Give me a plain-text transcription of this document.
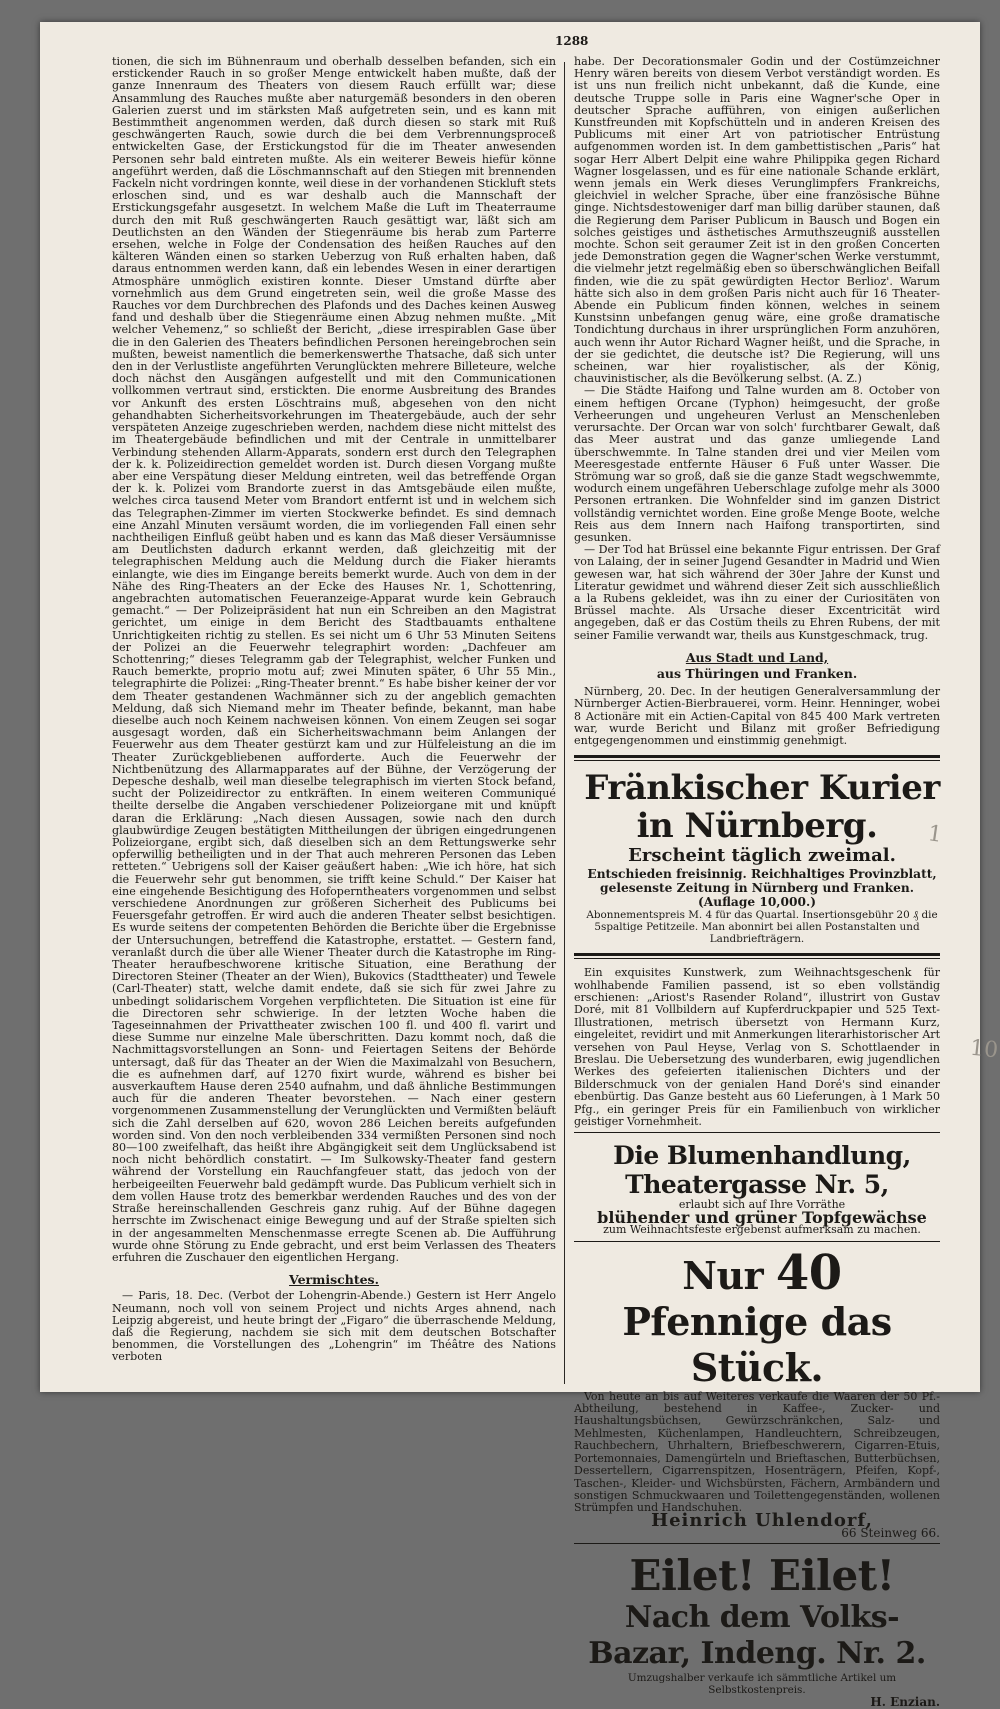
1288

tionen, die sich im Bühnenraum und oberhalb desselben befanden, sich ein erstickender Rauch in so großer Menge entwickelt haben mußte, daß der ganze Innenraum des Theaters von diesem Rauch erfüllt war; diese Ansammlung des Rauches mußte aber naturgemäß besonders in den oberen Galerien zuerst und im stärksten Maß aufgetreten sein, und es kann mit Bestimmtheit angenommen werden, daß durch diesen so stark mit Ruß geschwängerten Rauch, sowie durch die bei dem Verbrennungsproceß entwickelten Gase, der Erstickungstod für die im Theater anwesenden Personen sehr bald eintreten mußte. Als ein weiterer Beweis hiefür könne angeführt werden, daß die Löschmannschaft auf den Stiegen mit brennenden Fackeln nicht vordringen konnte, weil diese in der vorhandenen Stickluft stets erloschen sind, und es war deshalb auch die Mannschaft der Erstickungsgefahr ausgesetzt. In welchem Maße die Luft im Theaterraume durch den mit Ruß geschwängerten Rauch gesättigt war, läßt sich am Deutlichsten an den Wänden der Stiegenräume bis herab zum Parterre ersehen, welche in Folge der Condensation des heißen Rauches auf den kälteren Wänden einen so starken Ueberzug von Ruß erhalten haben, daß daraus entnommen werden kann, daß ein lebendes Wesen in einer derartigen Atmosphäre unmöglich existiren konnte. Dieser Umstand dürfte aber vornehmlich aus dem Grund eingetreten sein, weil die große Masse des Rauches vor dem Durchbrechen des Plafonds und des Daches keinen Ausweg fand und deshalb über die Stiegenräume einen Abzug nehmen mußte. „Mit welcher Vehemenz,“ so schließt der Bericht, „diese irrespirablen Gase über die in den Galerien des Theaters befindlichen Personen hereingebrochen sein mußten, beweist namentlich die bemerkenswerthe Thatsache, daß sich unter den in der Verlustliste angeführten Verunglückten mehrere Billeteure, welche doch nächst den Ausgängen aufgestellt und mit den Communicationen vollkommen vertraut sind, erstickten. Die enorme Ausbreitung des Brandes vor Ankunft des ersten Löschtrains muß, abgesehen von den nicht gehandhabten Sicherheitsvorkehrungen im Theatergebäude, auch der sehr verspäteten Anzeige zugeschrieben werden, nachdem diese nicht mittelst des im Theatergebäude befindlichen und mit der Centrale in unmittelbarer Verbindung stehenden Allarm-Apparats, sondern erst durch den Telegraphen der k. k. Polizeidirection gemeldet worden ist. Durch diesen Vorgang mußte aber eine Verspätung dieser Meldung eintreten, weil das betreffende Organ der k. k. Polizei vom Brandorte zuerst in das Amtsgebäude eilen mußte, welches circa tausend Meter vom Brandort entfernt ist und in welchem sich das Telegraphen-Zimmer im vierten Stockwerke befindet. Es sind demnach eine Anzahl Minuten versäumt worden, die im vorliegenden Fall einen sehr nachtheiligen Einfluß geübt haben und es kann das Maß dieser Versäumnisse am Deutlichsten dadurch erkannt werden, daß gleichzeitig mit der telegraphischen Meldung auch die Meldung durch die Fiaker hieramts einlangte, wie dies im Eingange bereits bemerkt wurde. Auch von dem in der Nähe des Ring-Theaters an der Ecke des Hauses Nr. 1, Schottenring, angebrachten automatischen Feueranzeige-Apparat wurde kein Gebrauch gemacht.“ — Der Polizeipräsident hat nun ein Schreiben an den Magistrat gerichtet, um einige in dem Bericht des Stadtbauamts enthaltene Unrichtigkeiten richtig zu stellen. Es sei nicht um 6 Uhr 53 Minuten Seitens der Polizei an die Feuerwehr telegraphirt worden: „Dachfeuer am Schottenring;“ dieses Telegramm gab der Telegraphist, welcher Funken und Rauch bemerkte, proprio motu auf; zwei Minuten später, 6 Uhr 55 Min., telegraphirte die Polizei: „Ring-Theater brennt.“ Es habe bisher keiner der vor dem Theater gestandenen Wachmänner sich zu der angeblich gemachten Meldung, daß sich Niemand mehr im Theater befinde, bekannt, man habe dieselbe auch noch Keinem nachweisen können. Von einem Zeugen sei sogar ausgesagt worden, daß ein Sicherheitswachmann beim Anlangen der Feuerwehr aus dem Theater gestürzt kam und zur Hülfeleistung an die im Theater Zurückgebliebenen aufforderte. Auch die Feuerwehr der Nichtbenützung des Allarmapparates auf der Bühne, der Verzögerung der Depesche deshalb, weil man dieselbe telegraphisch im vierten Stock befand, sucht der Polizeidirector zu entkräften. In einem weiteren Communiqué theilte derselbe die Angaben verschiedener Polizeiorgane mit und knüpft daran die Erklärung: „Nach diesen Aussagen, sowie nach den durch glaubwürdige Zeugen bestätigten Mittheilungen der übrigen eingedrungenen Polizeiorgane, ergibt sich, daß dieselben sich an dem Rettungswerke sehr opferwillig betheiligten und in der That auch mehreren Personen das Leben retteten.“ Uebrigens soll der Kaiser geäußert haben: „Wie ich höre, hat sich die Feuerwehr sehr gut benommen, sie trifft keine Schuld.“ Der Kaiser hat eine eingehende Besichtigung des Hofoperntheaters vorgenommen und selbst verschiedene Anordnungen zur größeren Sicherheit des Publicums bei Feuersgefahr getroffen. Er wird auch die anderen Theater selbst besichtigen. Es wurde seitens der competenten Behörden die Berichte über die Ergebnisse der Untersuchungen, betreffend die Katastrophe, erstattet. — Gestern fand, veranlaßt durch die über alle Wiener Theater durch die Katastrophe im Ring-Theater heraufbeschworene kritische Situation, eine Berathung der Directoren Steiner (Theater an der Wien), Bukovics (Stadttheater) und Tewele (Carl-Theater) statt, welche damit endete, daß sie sich für zwei Jahre zu unbedingt solidarischem Vorgehen verpflichteten. Die Situation ist eine für die Directoren sehr schwierige. In der letzten Woche haben die Tageseinnahmen der Privattheater zwischen 100 fl. und 400 fl. varirt und diese Summe nur einzelne Male überschritten. Dazu kommt noch, daß die Nachmittagsvorstellungen an Sonn- und Feiertagen Seitens der Behörde untersagt, daß für das Theater an der Wien die Maximalzahl von Besuchern, die es aufnehmen darf, auf 1270 fixirt wurde, während es bisher bei ausverkauftem Hause deren 2540 aufnahm, und daß ähnliche Bestimmungen auch für die anderen Theater bevorstehen. — Nach einer gestern vorgenommenen Zusammenstellung der Verunglückten und Vermißten beläuft sich die Zahl derselben auf 620, wovon 286 Leichen bereits aufgefunden worden sind. Von den noch verbleibenden 334 vermißten Personen sind noch 80—100 zweifelhaft, das heißt ihre Abgängigkeit seit dem Unglücksabend ist noch nicht behördlich constatirt. — Im Sulkowsky-Theater fand gestern während der Vorstellung ein Rauchfangfeuer statt, das jedoch von der herbeigeeilten Feuerwehr bald gedämpft wurde. Das Publicum verhielt sich in dem vollen Hause trotz des bemerkbar werdenden Rauches und des von der Straße hereinschallenden Geschreis ganz ruhig. Auf der Bühne dagegen herrschte im Zwischenact einige Bewegung und auf der Straße spielten sich in der angesammelten Menschenmasse erregte Scenen ab. Die Aufführung wurde ohne Störung zu Ende gebracht, und erst beim Verlassen des Theaters erfuhren die Zuschauer den eigentlichen Hergang.

Vermischtes.

— Paris, 18. Dec. (Verbot der Lohengrin-Abende.) Gestern ist Herr Angelo Neumann, noch voll von seinem Project und nichts Arges ahnend, nach Leipzig abgereist, und heute bringt der „Figaro“ die überraschende Meldung, daß die Regierung, nachdem sie sich mit dem deutschen Botschafter benommen, die Vorstellungen des „Lohengrin“ im Théâtre des Nations verboten

habe. Der Decorationsmaler Godin und der Costümzeichner Henry wären bereits von diesem Verbot verständigt worden. Es ist uns nun freilich nicht unbekannt, daß die Kunde, eine deutsche Truppe solle in Paris eine Wagner'sche Oper in deutscher Sprache aufführen, von einigen außerlichen Kunstfreunden mit Kopfschütteln und in anderen Kreisen des Publicums mit einer Art von patriotischer Entrüstung aufgenommen worden ist. In dem gambettistischen „Paris“ hat sogar Herr Albert Delpit eine wahre Philippika gegen Richard Wagner losgelassen, und es für eine nationale Schande erklärt, wenn jemals ein Werk dieses Verunglimpfers Frankreichs, gleichviel in welcher Sprache, über eine französische Bühne ginge. Nichtsdestoweniger darf man billig darüber staunen, daß die Regierung dem Pariser Publicum in Bausch und Bogen ein solches geistiges und ästhetisches Armuthszeugniß ausstellen mochte. Schon seit geraumer Zeit ist in den großen Concerten jede Demonstration gegen die Wagner'schen Werke verstummt, die vielmehr jetzt regelmäßig eben so überschwänglichen Beifall finden, wie die zu spät gewürdigten Hector Berlioz'. Warum hätte sich also in dem großen Paris nicht auch für 16 Theater-Abende ein Publicum finden können, welches in seinem Kunstsinn unbefangen genug wäre, eine große dramatische Tondichtung durchaus in ihrer ursprünglichen Form anzuhören, auch wenn ihr Autor Richard Wagner heißt, und die Sprache, in der sie gedichtet, die deutsche ist? Die Regierung, will uns scheinen, war hier royalistischer, als der König, chauvinistischer, als die Bevölkerung selbst. (A. Z.)

— Die Städte Haifong und Talne wurden am 8. October von einem heftigen Orcane (Typhon) heimgesucht, der große Verheerungen und ungeheuren Verlust an Menschenleben verursachte. Der Orcan war von solch' furchtbarer Gewalt, daß das Meer austrat und das ganze umliegende Land überschwemmte. In Talne standen drei und vier Meilen vom Meeresgestade entfernte Häuser 6 Fuß unter Wasser. Die Strömung war so groß, daß sie die ganze Stadt wegschwemmte, wodurch einem ungefähren Ueberschlage zufolge mehr als 3000 Personen ertranken. Die Wohnfelder sind im ganzen District vollständig vernichtet worden. Eine große Menge Boote, welche Reis aus dem Innern nach Haifong transportirten, sind gesunken.

— Der Tod hat Brüssel eine bekannte Figur entrissen. Der Graf von Lalaing, der in seiner Jugend Gesandter in Madrid und Wien gewesen war, hat sich während der 30er Jahre der Kunst und Literatur gewidmet und während dieser Zeit sich ausschließlich a la Rubens gekleidet, was ihn zu einer der Curiositäten von Brüssel machte. Als Ursache dieser Excentricität wird angegeben, daß er das Costüm theils zu Ehren Rubens, der mit seiner Familie verwandt war, theils aus Kunstgeschmack, trug.

Aus Stadt und Land,
aus Thüringen und Franken.

Nürnberg, 20. Dec. In der heutigen Generalversammlung der Nürnberger Actien-Bierbrauerei, vorm. Heinr. Henninger, wobei 8 Actionäre mit ein Actien-Capital von 845 400 Mark vertreten war, wurde Bericht und Bilanz mit großer Befriedigung entgegengenommen und einstimmig genehmigt.

Fränkischer Kurier in Nürnberg.

Erscheint täglich zweimal.

Entschieden freisinnig. Reichhaltiges Provinzblatt, gelesenste Zeitung in Nürnberg und Franken. (Auflage 10,000.)

Abonnementspreis M. 4 für das Quartal. Insertionsgebühr 20 ₰ die 5spaltige Petitzeile. Man abonnirt bei allen Postanstalten und Landbriefträgern.

Ein exquisites Kunstwerk, zum Weihnachtsgeschenk für wohlhabende Familien passend, ist so eben vollständig erschienen: „Ariost's Rasender Roland“, illustrirt von Gustav Doré, mit 81 Vollbildern auf Kupferdruckpapier und 525 Text-Illustrationen, metrisch übersetzt von Hermann Kurz, eingeleitet, revidirt und mit Anmerkungen literarhistorischer Art versehen von Paul Heyse, Verlag von S. Schottlaender in Breslau. Die Uebersetzung des wunderbaren, ewig jugendlichen Werkes des gefeierten italienischen Dichters und der Bilderschmuck von der genialen Hand Doré's sind einander ebenbürtig. Das Ganze besteht aus 60 Lieferungen, à 1 Mark 50 Pfg., ein geringer Preis für ein Familienbuch von wirklicher geistiger Vornehmheit.

Die Blumenhandlung, Theatergasse Nr. 5,

erlaubt sich auf Ihre Vorräthe

blühender und grüner Topfgewächse

zum Weihnachtsfeste ergebenst aufmerksam zu machen.

Nur 40 Pfennige das Stück.

Von heute an bis auf Weiteres verkaufe die Waaren der 50 Pf.-Abtheilung, bestehend in Kaffee-, Zucker- und Haushaltungsbüchsen, Gewürzschränkchen, Salz- und Mehlmesten, Küchenlampen, Handleuchtern, Schreibzeugen, Rauchbechern, Uhrhaltern, Briefbeschwerern, Cigarren-Etuis, Portemonnaies, Damengürteln und Brieftaschen, Butterbüchsen, Dessertellern, Cigarrenspitzen, Hosenträgern, Pfeifen, Kopf-, Taschen-, Kleider- und Wichsbürsten, Fächern, Armbändern und sonstigen Schmuckwaaren und Toilettengegenständen, wollenen Strümpfen und Handschuhen.

Heinrich Uhlendorf,

66 Steinweg 66.

Eilet! Eilet!

Nach dem Volks-Bazar, Indeng. Nr. 2.

Umzugshalber verkaufe ich sämmtliche Artikel um Selbstkostenpreis.

H. Enzian.

1
10
